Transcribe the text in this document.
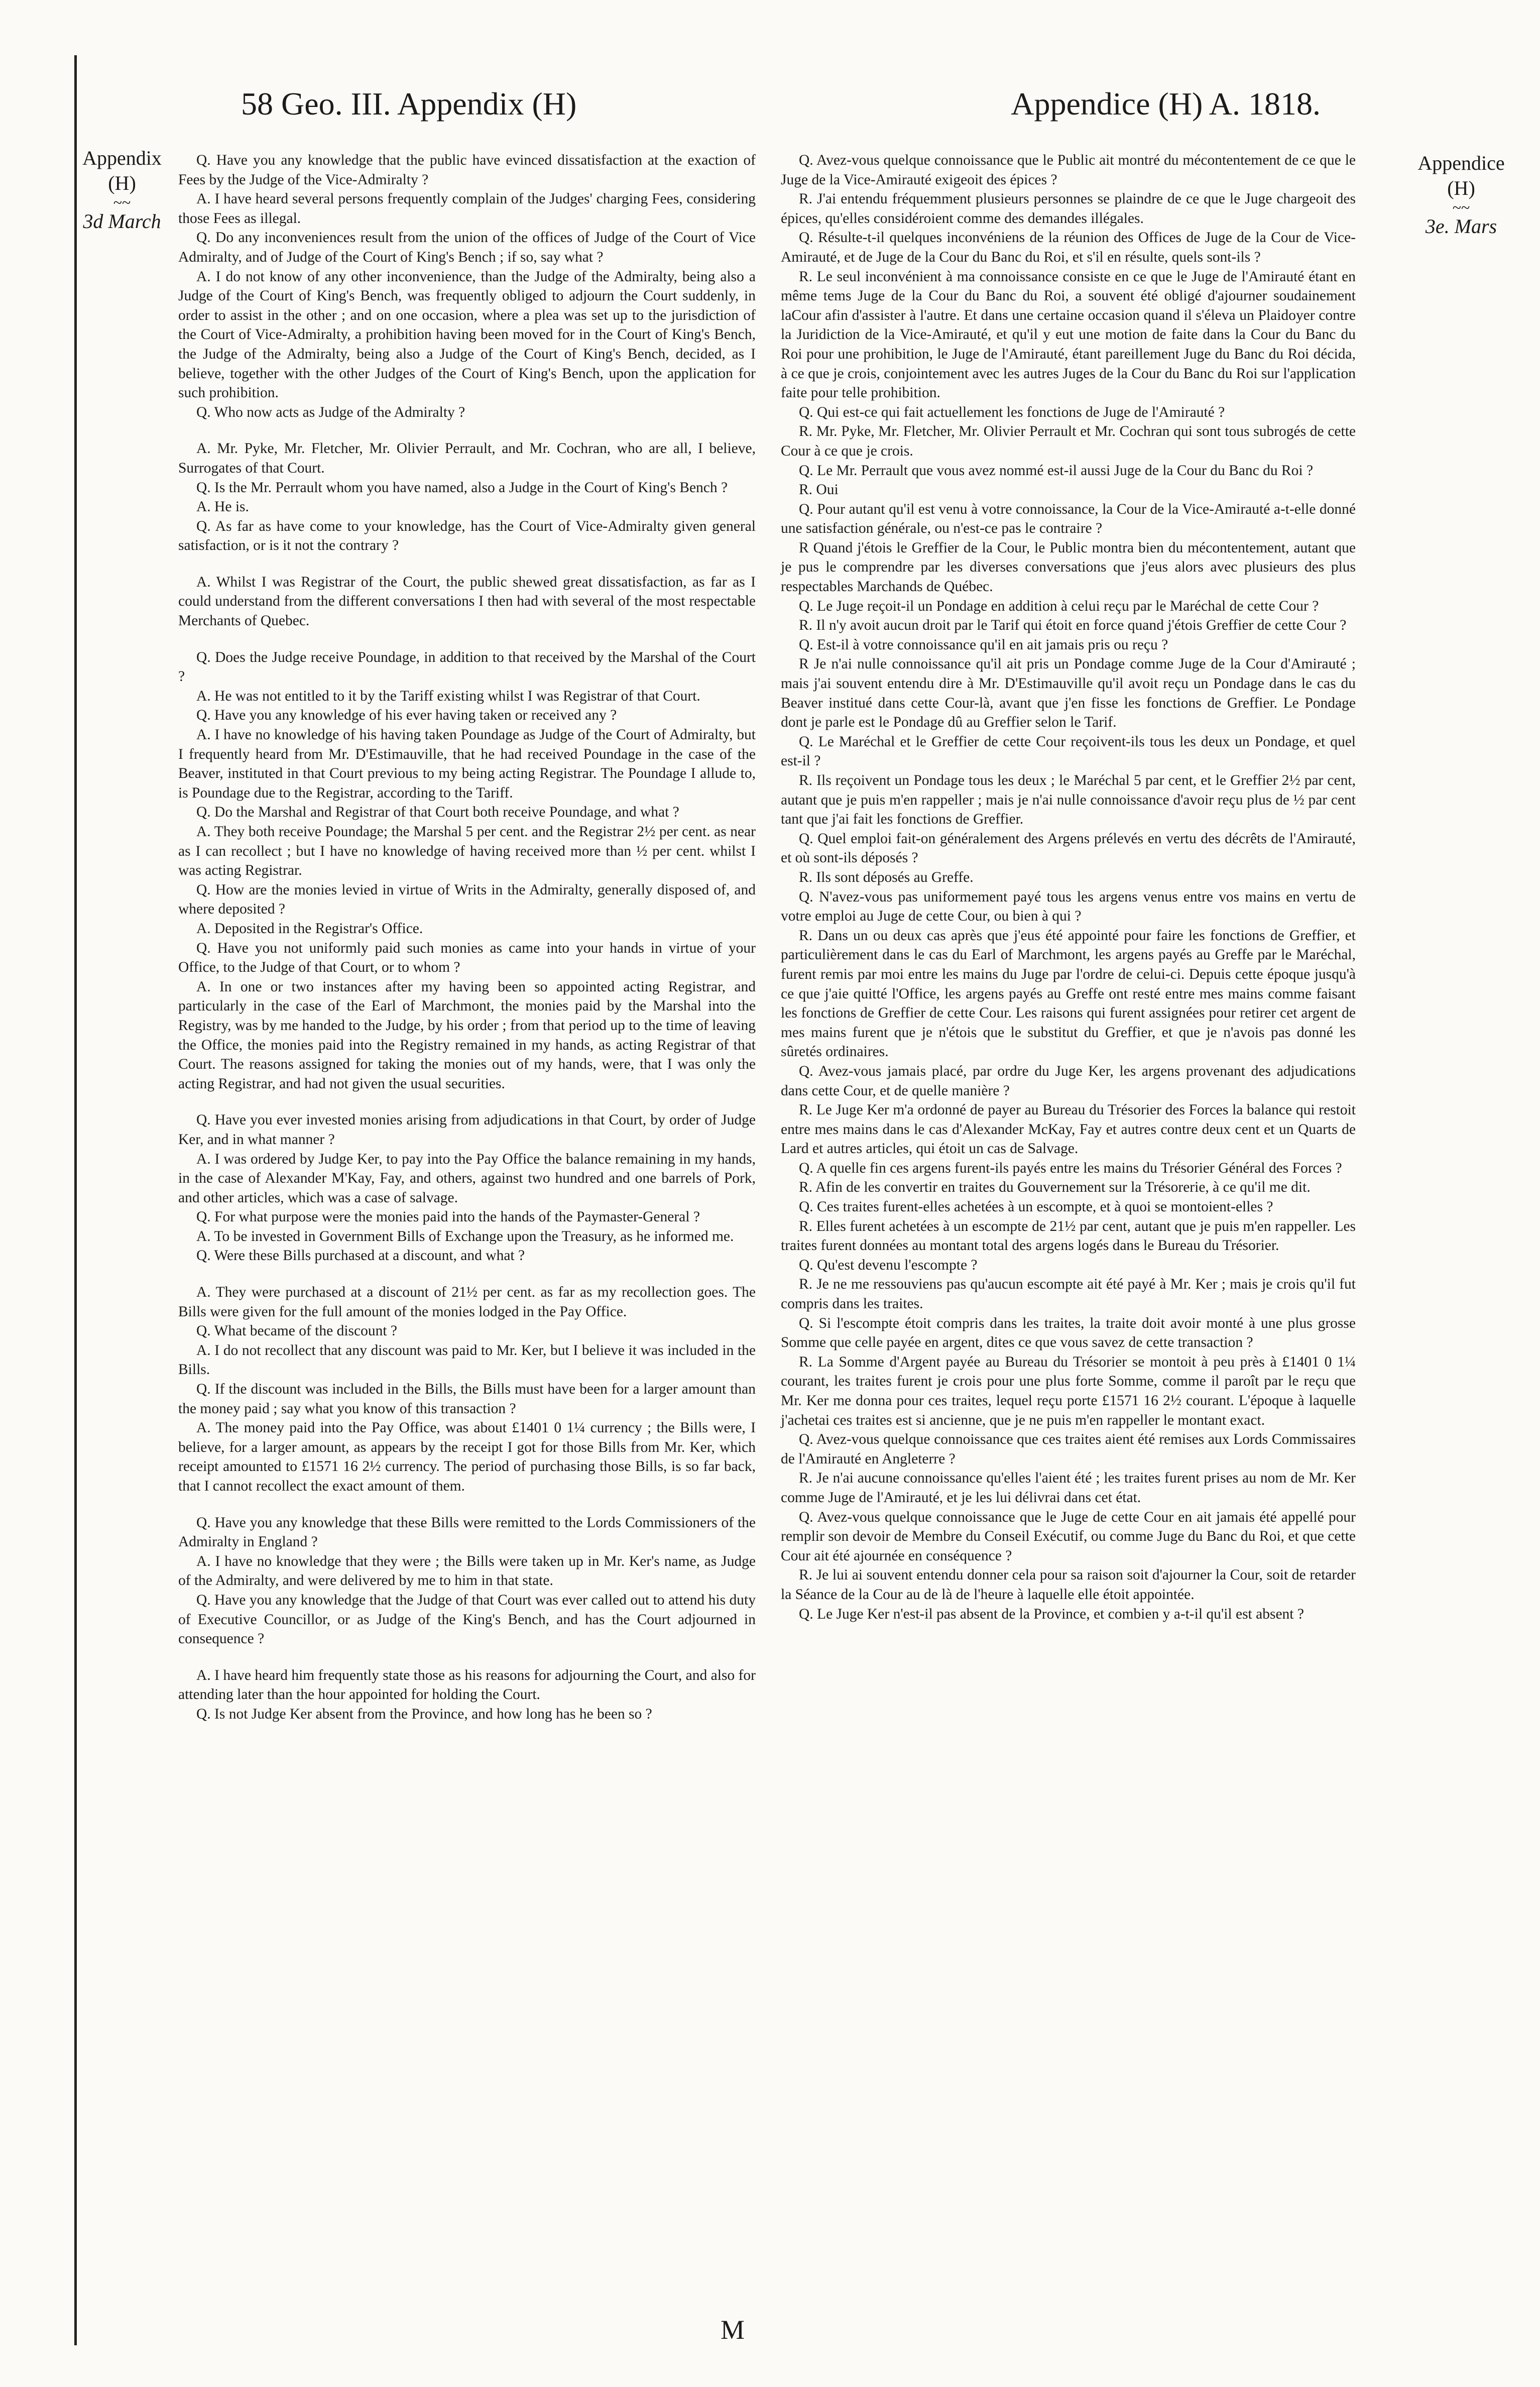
58 Geo. III. Appendix (H)	Appendice (H) A. 1818.
Appendix
(H)
~~
3d March
Appendice
(H)
~~
3e. Mars

Q. Have you any knowledge that the public have evinced dissatisfaction at the exaction of Fees by the Judge of the Vice-Admiralty ?

A. I have heard several persons frequently complain of the Judges' charging Fees, considering those Fees as illegal.

Q. Do any inconveniences result from the union of the offices of Judge of the Court of Vice Admiralty, and of Judge of the Court of King's Bench ; if so, say what ?

A. I do not know of any other inconvenience, than the Judge of the Admiralty, being also a Judge of the Court of King's Bench, was frequently obliged to adjourn the Court suddenly, in order to assist in the other ; and on one occasion, where a plea was set up to the jurisdiction of the Court of Vice-Admiralty, a prohibition having been moved for in the Court of King's Bench, the Judge of the Admiralty, being also a Judge of the Court of King's Bench, decided, as I believe, together with the other Judges of the Court of King's Bench, upon the application for such prohibition.

Q. Who now acts as Judge of the Admiralty ?

A. Mr. Pyke, Mr. Fletcher, Mr. Olivier Perrault, and Mr. Cochran, who are all, I believe, Surrogates of that Court.

Q. Is the Mr. Perrault whom you have named, also a Judge in the Court of King's Bench ?

A. He is.

Q. As far as have come to your knowledge, has the Court of Vice-Admiralty given general satisfaction, or is it not the contrary ?

A. Whilst I was Registrar of the Court, the public shewed great dissatisfaction, as far as I could understand from the different conversations I then had with several of the most respectable Merchants of Quebec.

Q. Does the Judge receive Poundage, in addition to that received by the Marshal of the Court ?

A. He was not entitled to it by the Tariff existing whilst I was Registrar of that Court.

Q. Have you any knowledge of his ever having taken or received any ?

A. I have no knowledge of his having taken Poundage as Judge of the Court of Admiralty, but I frequently heard from Mr. D'Estimauville, that he had received Poundage in the case of the Beaver, instituted in that Court previous to my being acting Registrar. The Poundage I allude to, is Poundage due to the Registrar, according to the Tariff.

Q. Do the Marshal and Registrar of that Court both receive Poundage, and what ?

A. They both receive Poundage; the Marshal 5 per cent. and the Registrar 2½ per cent. as near as I can recollect ; but I have no knowledge of having received more than ½ per cent. whilst I was acting Registrar.

Q. How are the monies levied in virtue of Writs in the Admiralty, generally disposed of, and where deposited ?

A. Deposited in the Registrar's Office.

Q. Have you not uniformly paid such monies as came into your hands in virtue of your Office, to the Judge of that Court, or to whom ?

A. In one or two instances after my having been so appointed acting Registrar, and particularly in the case of the Earl of Marchmont, the monies paid by the Marshal into the Registry, was by me handed to the Judge, by his order ; from that period up to the time of leaving the Office, the monies paid into the Registry remained in my hands, as acting Registrar of that Court. The reasons assigned for taking the monies out of my hands, were, that I was only the acting Registrar, and had not given the usual securities.

Q. Have you ever invested monies arising from adjudications in that Court, by order of Judge Ker, and in what manner ?

A. I was ordered by Judge Ker, to pay into the Pay Office the balance remaining in my hands, in the case of Alexander M'Kay, Fay, and others, against two hundred and one barrels of Pork, and other articles, which was a case of salvage.

Q. For what purpose were the monies paid into the hands of the Paymaster-General ?

A. To be invested in Government Bills of Exchange upon the Treasury, as he informed me.

Q. Were these Bills purchased at a discount, and what ?

A. They were purchased at a discount of 21½ per cent. as far as my recollection goes. The Bills were given for the full amount of the monies lodged in the Pay Office.

Q. What became of the discount ?

A. I do not recollect that any discount was paid to Mr. Ker, but I believe it was included in the Bills.

Q. If the discount was included in the Bills, the Bills must have been for a larger amount than the money paid ; say what you know of this transaction ?

A. The money paid into the Pay Office, was about £1401 0 1¼ currency ; the Bills were, I believe, for a larger amount, as appears by the receipt I got for those Bills from Mr. Ker, which receipt amounted to £1571 16 2½ currency. The period of purchasing those Bills, is so far back, that I cannot recollect the exact amount of them.

Q. Have you any knowledge that these Bills were remitted to the Lords Commissioners of the Admiralty in England ?

A. I have no knowledge that they were ; the Bills were taken up in Mr. Ker's name, as Judge of the Admiralty, and were delivered by me to him in that state.

Q. Have you any knowledge that the Judge of that Court was ever called out to attend his duty of Executive Councillor, or as Judge of the King's Bench, and has the Court adjourned in consequence ?

A. I have heard him frequently state those as his reasons for adjourning the Court, and also for attending later than the hour appointed for holding the Court.

Q. Is not Judge Ker absent from the Province, and how long has he been so ?

Q. Avez-vous quelque connoissance que le Public ait montré du mécontentement de ce que le Juge de la Vice-Amirauté exigeoit des épices ?

R. J'ai entendu fréquemment plusieurs personnes se plaindre de ce que le Juge chargeoit des épices, qu'elles considéroient comme des demandes illégales.

Q. Résulte-t-il quelques inconvéniens de la réunion des Offices de Juge de la Cour de Vice-Amirauté, et de Juge de la Cour du Banc du Roi, et s'il en résulte, quels sont-ils ?

R. Le seul inconvénient à ma connoissance consiste en ce que le Juge de l'Amirauté étant en même tems Juge de la Cour du Banc du Roi, a souvent été obligé d'ajourner soudainement laCour afin d'assister à l'autre. Et dans une certaine occasion quand il s'éleva un Plaidoyer contre la Juridiction de la Vice-Amirauté, et qu'il y eut une motion de faite dans la Cour du Banc du Roi pour une prohibition, le Juge de l'Amirauté, étant pareillement Juge du Banc du Roi décida, à ce que je crois, conjointement avec les autres Juges de la Cour du Banc du Roi sur l'application faite pour telle prohibition.

Q. Qui est-ce qui fait actuellement les fonctions de Juge de l'Amirauté ?

R. Mr. Pyke, Mr. Fletcher, Mr. Olivier Perrault et Mr. Cochran qui sont tous subrogés de cette Cour à ce que je crois.

Q. Le Mr. Perrault que vous avez nommé est-il aussi Juge de la Cour du Banc du Roi ?

R. Oui

Q. Pour autant qu'il est venu à votre connoissance, la Cour de la Vice-Amirauté a-t-elle donné une satisfaction générale, ou n'est-ce pas le contraire ?

R Quand j'étois le Greffier de la Cour, le Public montra bien du mécontentement, autant que je pus le comprendre par les diverses conversations que j'eus alors avec plusieurs des plus respectables Marchands de Québec.

Q. Le Juge reçoit-il un Pondage en addition à celui reçu par le Maréchal de cette Cour ?

R. Il n'y avoit aucun droit par le Tarif qui étoit en force quand j'étois Greffier de cette Cour ?

Q. Est-il à votre connoissance qu'il en ait jamais pris ou reçu ?

R Je n'ai nulle connoissance qu'il ait pris un Pondage comme Juge de la Cour d'Amirauté ; mais j'ai souvent entendu dire à Mr. D'Estimauville qu'il avoit reçu un Pondage dans le cas du Beaver institué dans cette Cour-là, avant que j'en fisse les fonctions de Greffier. Le Pondage dont je parle est le Pondage dû au Greffier selon le Tarif.

Q. Le Maréchal et le Greffier de cette Cour reçoivent-ils tous les deux un Pondage, et quel est-il ?

R. Ils reçoivent un Pondage tous les deux ; le Maréchal 5 par cent, et le Greffier 2½ par cent, autant que je puis m'en rappeller ; mais je n'ai nulle connoissance d'avoir reçu plus de ½ par cent tant que j'ai fait les fonctions de Greffier.

Q. Quel emploi fait-on généralement des Argens prélevés en vertu des décrêts de l'Amirauté, et où sont-ils déposés ?

R. Ils sont déposés au Greffe.

Q. N'avez-vous pas uniformement payé tous les argens venus entre vos mains en vertu de votre emploi au Juge de cette Cour, ou bien à qui ?

R. Dans un ou deux cas après que j'eus été appointé pour faire les fonctions de Greffier, et particulièrement dans le cas du Earl of Marchmont, les argens payés au Greffe par le Maréchal, furent remis par moi entre les mains du Juge par l'ordre de celui-ci. Depuis cette époque jusqu'à ce que j'aie quitté l'Office, les argens payés au Greffe ont resté entre mes mains comme faisant les fonctions de Greffier de cette Cour. Les raisons qui furent assignées pour retirer cet argent de mes mains furent que je n'étois que le substitut du Greffier, et que je n'avois pas donné les sûretés ordinaires.

Q. Avez-vous jamais placé, par ordre du Juge Ker, les argens provenant des adjudications dans cette Cour, et de quelle manière ?

R. Le Juge Ker m'a ordonné de payer au Bureau du Trésorier des Forces la balance qui restoit entre mes mains dans le cas d'Alexander McKay, Fay et autres contre deux cent et un Quarts de Lard et autres articles, qui étoit un cas de Salvage.

Q. A quelle fin ces argens furent-ils payés entre les mains du Trésorier Général des Forces ?

R. Afin de les convertir en traites du Gouvernement sur la Trésorerie, à ce qu'il me dit.

Q. Ces traites furent-elles achetées à un escompte, et à quoi se montoient-elles ?

R. Elles furent achetées à un escompte de 21½ par cent, autant que je puis m'en rappeller. Les traites furent données au montant total des argens logés dans le Bureau du Trésorier.

Q. Qu'est devenu l'escompte ?

R. Je ne me ressouviens pas qu'aucun escompte ait été payé à Mr. Ker ; mais je crois qu'il fut compris dans les traites.

Q. Si l'escompte étoit compris dans les traites, la traite doit avoir monté à une plus grosse Somme que celle payée en argent, dites ce que vous savez de cette transaction ?

R. La Somme d'Argent payée au Bureau du Trésorier se montoit à peu près à £1401 0 1¼ courant, les traites furent je crois pour une plus forte Somme, comme il paroît par le reçu que Mr. Ker me donna pour ces traites, lequel reçu porte £1571 16 2½ courant. L'époque à laquelle j'achetai ces traites est si ancienne, que je ne puis m'en rappeller le montant exact.

Q. Avez-vous quelque connoissance que ces traites aient été remises aux Lords Commissaires de l'Amirauté en Angleterre ?

R. Je n'ai aucune connoissance qu'elles l'aient été ; les traites furent prises au nom de Mr. Ker comme Juge de l'Amirauté, et je les lui délivrai dans cet état.

Q. Avez-vous quelque connoissance que le Juge de cette Cour en ait jamais été appellé pour remplir son devoir de Membre du Conseil Exécutif, ou comme Juge du Banc du Roi, et que cette Cour ait été ajournée en conséquence ?

R. Je lui ai souvent entendu donner cela pour sa raison soit d'ajourner la Cour, soit de retarder la Séance de la Cour au de là de l'heure à laquelle elle étoit appointée.

Q. Le Juge Ker n'est-il pas absent de la Province, et combien y a-t-il qu'il est absent ?

M
